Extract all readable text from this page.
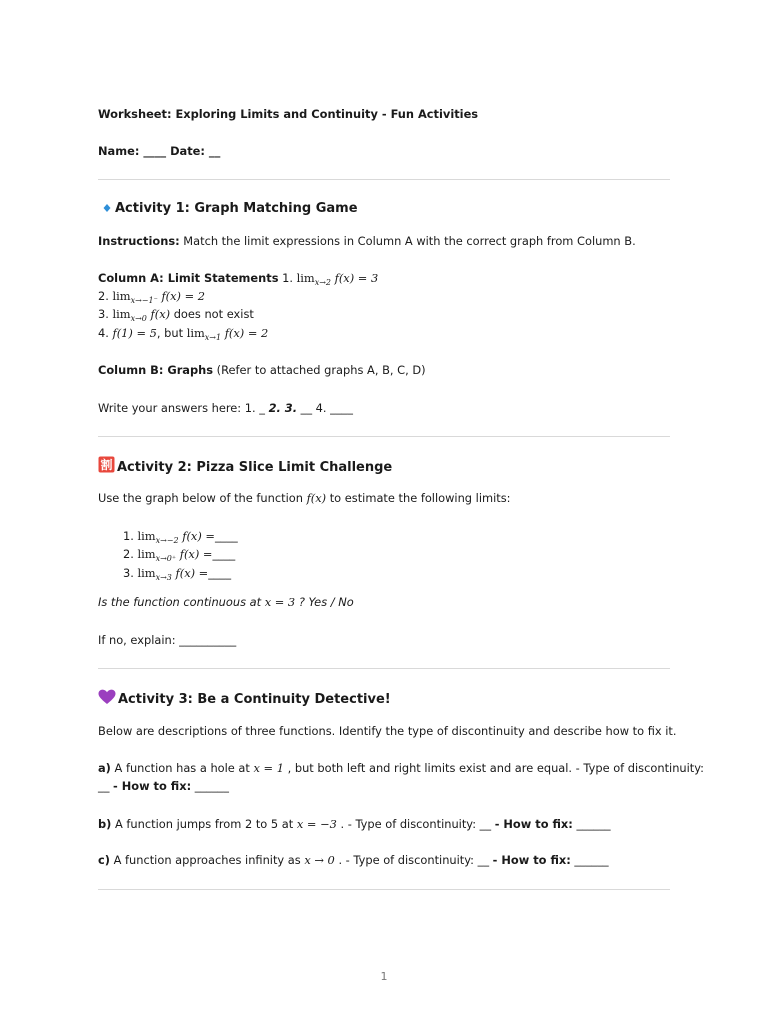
Worksheet: Exploring Limits and Continuity - Fun Activities
Name: ____ Date: __
Activity 1: Graph Matching Game
Instructions: Match the limit expressions in Column A with the correct graph from Column B.
Column A: Limit Statements 1. $\lim_{x\to 2} f(x) = 3$
2. $\lim_{x\to-1^-} f(x) = 2$
3. $\lim_{x\to 0} f(x)$ does not exist
4. f(1) = 5, but $\lim_{x\to 1} f(x) = 2$
Column B: Graphs (Refer to attached graphs A, B, C, D)
Write your answers here: 1. _ 2. 3. __ 4. ____
割 Activity 2: Pizza Slice Limit Challenge
Use the graph below of the function f(x) to estimate the following limits:
1. $\lim_{x\to-2} f(x)$ =____
2. $\lim_{x\to 0^+} f(x)$ =____
3. $\lim_{x\to 3} f(x)$ =____
Is the function continuous at x = 3 ? Yes / No
If no, explain: __________
Activity 3: Be a Continuity Detective!
Below are descriptions of three functions. Identify the type of discontinuity and describe how to fix it.
a) A function has a hole at x = 1 , but both left and right limits exist and are equal. - Type of discontinuity:
__ - How to fix: ______
b) A function jumps from 2 to 5 at x = −3 . - Type of discontinuity: __ - How to fix: ______
c) A function approaches infinity as x → 0 . - Type of discontinuity: __ - How to fix: ______
1
